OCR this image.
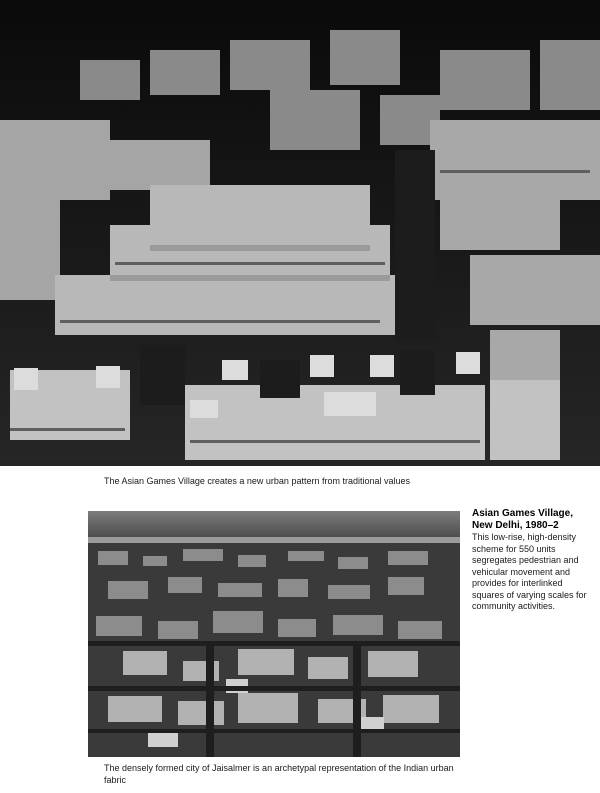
The Asian Games Village creates a new urban pattern from traditional values
The densely formed city of Jaisalmer is an archetypal representation of the Indian urban fabric

Asian Games Village, New Delhi, 1980–2

This low-rise, high-density scheme for 550 units segregates pedestrian and vehicular movement and provides for interlinked squares of varying scales for community activities.
